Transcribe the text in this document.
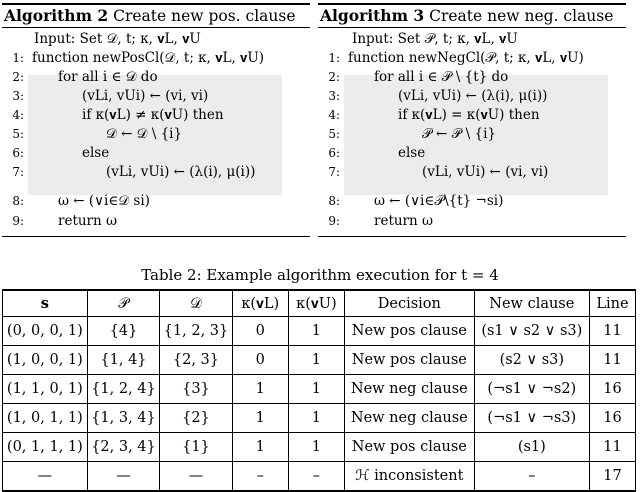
Algorithm 2 Create new pos. clause
Input: Set 𝒟, t; κ, 𝐯L, 𝐯U
1: function newPosCl(𝒟, t; κ, 𝐯L, 𝐯U)
2:	for all i ∈ 𝒟 do
3:	(vLi, vUi) ← (vi, vi)
4:	if κ(𝐯L) ≠ κ(𝐯U) then
5:	𝒟 ← 𝒟 \ {i}
6:	else
7:	(vLi, vUi) ← (λ(i), μ(i))
8:	ω ← (∨i∈𝒟 si)
9:	return ω
Algorithm 3 Create new neg. clause
Input: Set 𝒫, t; κ, 𝐯L, 𝐯U
1: function newNegCl(𝒫, t; κ, 𝐯L, 𝐯U)
2:	for all i ∈ 𝒫 \ {t} do
3:	(vLi, vUi) ← (λ(i), μ(i))
4:	if κ(𝐯L) = κ(𝐯U) then
5:	𝒫 ← 𝒫 \ {i}
6:	else
7:	(vLi, vUi) ← (vi, vi)
8:	ω ← (∨i∈𝒫\{t} ¬si)
9:	return ω
Table 2: Example algorithm execution for t = 4
s	𝒫	𝒟	κ(𝐯L)	κ(𝐯U)	Decision	New clause	Line
(0, 0, 0, 1)	{4}	{1, 2, 3}	0	1	New pos clause	(s1 ∨ s2 ∨ s3)	11
(1, 0, 0, 1)	{1, 4}	{2, 3}	0	1	New pos clause	(s2 ∨ s3)	11
(1, 1, 0, 1)	{1, 2, 4}	{3}	1	1	New neg clause	(¬s1 ∨ ¬s2)	16
(1, 0, 1, 1)	{1, 3, 4}	{2}	1	1	New neg clause	(¬s1 ∨ ¬s3)	16
(0, 1, 1, 1)	{2, 3, 4}	{1}	1	1	New pos clause	(s1)	11
—	—	—	–	–	ℋ inconsistent	–	17
